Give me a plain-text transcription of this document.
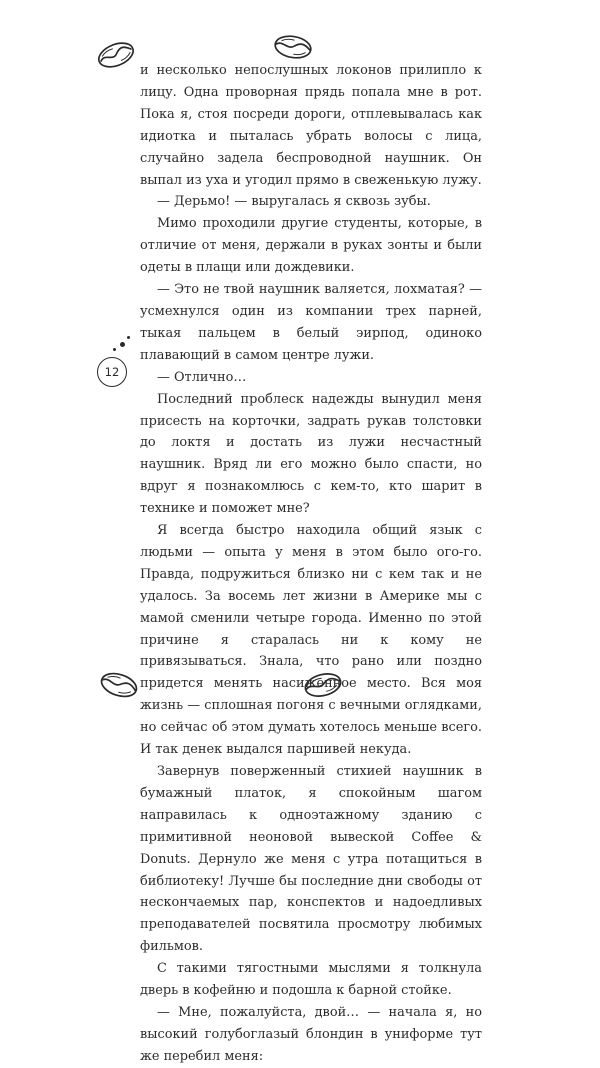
12

и несколько непослушных локонов прилипло к лицу. Одна проворная прядь попала мне в рот. Пока я, стоя посреди дороги, отплевывалась как идиотка и пыталась убрать волосы с лица, случайно задела беспроводной наушник. Он выпал из уха и угодил прямо в свеженькую лужу.

— Дерьмо! — выругалась я сквозь зубы.

Мимо проходили другие студенты, которые, в отличие от меня, держали в руках зонты и были одеты в плащи или дождевики.

— Это не твой наушник валяется, лохматая? — усмехнулся один из компании трех парней, тыкая пальцем в белый эирпод, одиноко плавающий в самом центре лужи.

— Отлично…

Последний проблеск надежды вынудил меня присесть на корточки, задрать рукав толстовки до локтя и достать из лужи несчастный наушник. Вряд ли его можно было спасти, но вдруг я познакомлюсь с кем-то, кто шарит в технике и поможет мне?

Я всегда быстро находила общий язык с людьми — опыта у меня в этом было ого-го. Правда, подружиться близко ни с кем так и не удалось. За восемь лет жизни в Америке мы с мамой сменили четыре города. Именно по этой причине я старалась ни к кому не привязываться. Знала, что рано или поздно придется менять насиженное место. Вся моя жизнь — сплошная погоня с вечными оглядками, но сейчас об этом думать хотелось меньше всего. И так денек выдался паршивей некуда.

Завернув поверженный стихией наушник в бумажный платок, я спокойным шагом направилась к одноэтажному зданию с примитивной неоновой вывеской Coffee & Donuts. Дернуло же меня с утра потащиться в библиотеку! Лучше бы последние дни свободы от нескончаемых пар, конспектов и надоедливых преподавателей посвятила просмотру любимых фильмов.

С такими тягостными мыслями я толкнула дверь в кофейню и подошла к барной стойке.

— Мне, пожалуйста, двой… — начала я, но высокий голубоглазый блондин в униформе тут же перебил меня:
